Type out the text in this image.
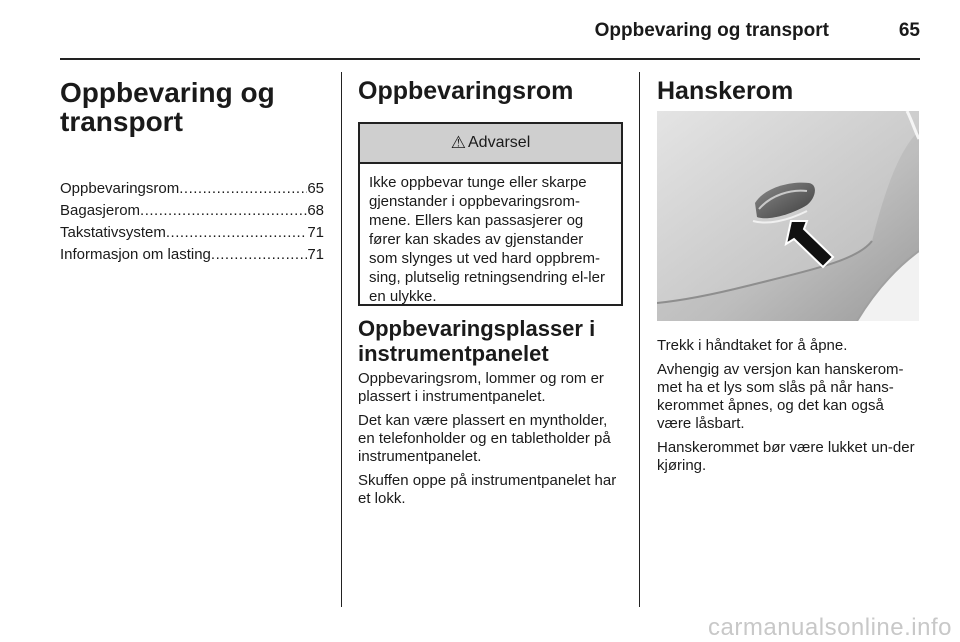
Oppbevaring og transport	65
Oppbevaring og transport
Oppbevaringsrom .....	65
Bagasjerom .....	68
Takstativsystem .....	71
Informasjon om lasting .....	71
Oppbevaringsrom
⚠ Advarsel
Ikke oppbevar tunge eller skarpe gjenstander i oppbevaringsrom-mene. Ellers kan passasjerer og fører kan skades av gjenstander som slynges ut ved hard oppbrem-sing, plutselig retningsendring el-ler en ulykke.
Oppbevaringsplasser i instrumentpanelet

Oppbevaringsrom, lommer og rom er plassert i instrumentpanelet.

Det kan være plassert en myntholder, en telefonholder og en tabletholder på instrumentpanelet.

Skuffen oppe på instrumentpanelet har et lokk.

Hanskerom

Trekk i håndtaket for å åpne.

Avhengig av versjon kan hanskerom-met ha et lys som slås på når hans-kerommet åpnes, og det kan også være låsbart.

Hanskerommet bør være lukket un-der kjøring.

carmanualsonline.info
